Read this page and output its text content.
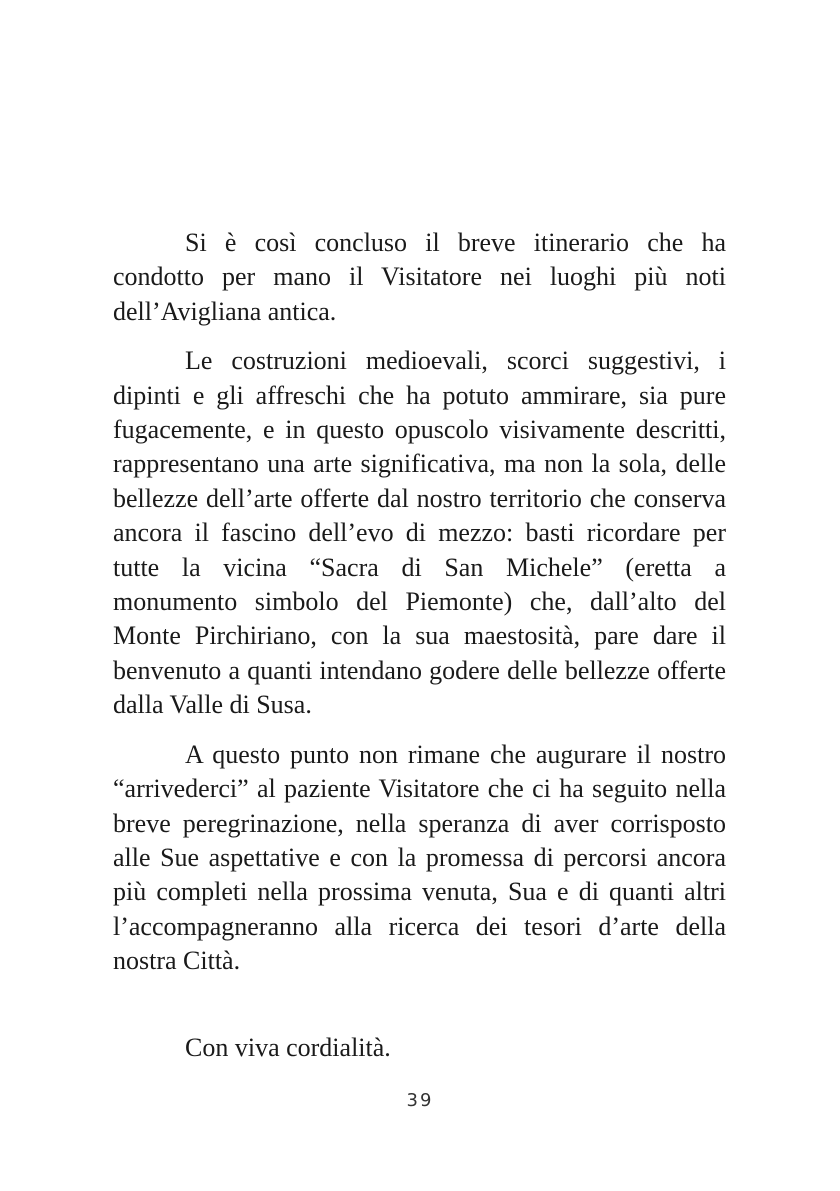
Si è così concluso il breve itinerario che ha condotto per mano il Visitatore nei luoghi più noti dell’Avigliana antica.

Le costruzioni medioevali, scorci suggestivi, i dipinti e gli affreschi che ha potuto ammirare, sia pure fugacemente, e in questo opuscolo visivamente descritti, rappresentano una arte significativa, ma non la sola, delle bellezze dell’arte offerte dal nostro territorio che conserva ancora il fascino dell’evo di mezzo: basti ricordare per tutte la vicina “Sacra di San Michele” (eretta a monumento simbolo del Piemonte) che, dall’alto del Monte Pirchiriano, con la sua maestosità, pare dare il benvenuto a quanti intendano godere delle bellezze offerte dalla Valle di Susa.

A questo punto non rimane che augurare il nostro “arrivederci” al paziente Visitatore che ci ha seguito nella breve peregrinazione, nella speranza di aver corrisposto alle Sue aspettative e con la promessa di percorsi ancora più completi nella prossima venuta, Sua e di quanti altri l’accompagneranno alla ricerca dei tesori d’arte della nostra Città.

Con viva cordialità.

39
